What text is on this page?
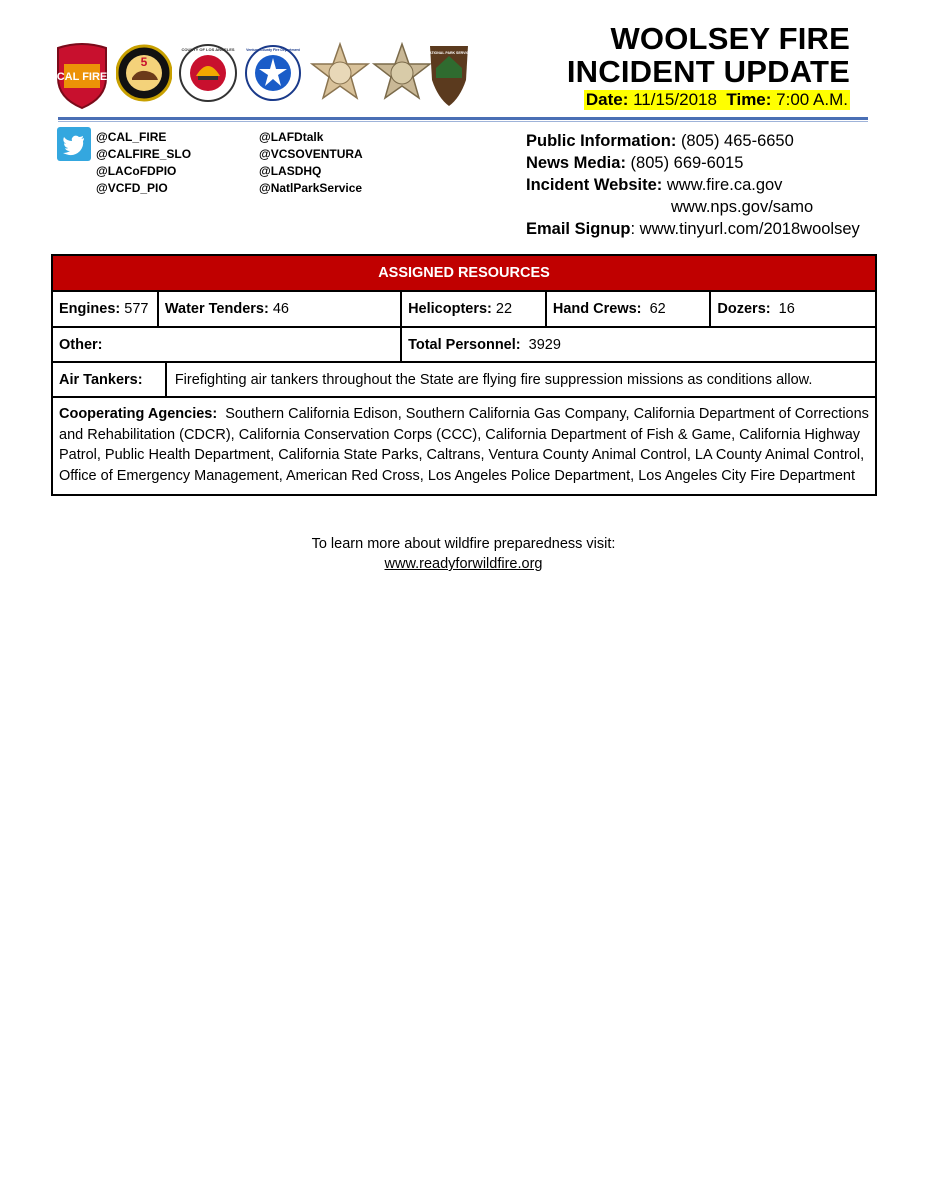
CAL FIRE
5
COUNTY OF LOS ANGELES	Ventura County Fire Department
NATIONAL PARK SERVICE	WOOLSEY FIRE
INCIDENT UPDATE
Date: 11/15/2018 Time: 7:00 A.M.
@CAL_FIRE
@CALFIRE_SLO
@LACoFDPIO
@VCFD_PIO
@LAFDtalk
@VCSOVENTURA
@LASDHQ
@NatlParkService
Public Information: (805) 465-6650
News Media: (805) 669-6015
Incident Website: www.fire.ca.gov
www.nps.gov/samo
Email Signup: www.tinyurl.com/2018woolsey
ASSIGNED RESOURCES					
Engines: 577	Water Tenders: 46		Helicopters: 22	Hand Crews: 62	Dozers: 16
Other:			Total Personnel: 3929		
Air Tankers:		Firefighting air tankers throughout the State are flying fire suppression missions as conditions allow.			
Cooperating Agencies: Southern California Edison, Southern California Gas Company, California Department of Corrections and Rehabilitation (CDCR), California Conservation Corps (CCC), California Department of Fish & Game, California Highway Patrol, Public Health Department, California State Parks, Caltrans, Ventura County Animal Control, LA County Animal Control, Office of Emergency Management, American Red Cross, Los Angeles Police Department, Los Angeles City Fire Department					
To learn more about wildfire preparedness visit:
www.readyforwildfire.org
